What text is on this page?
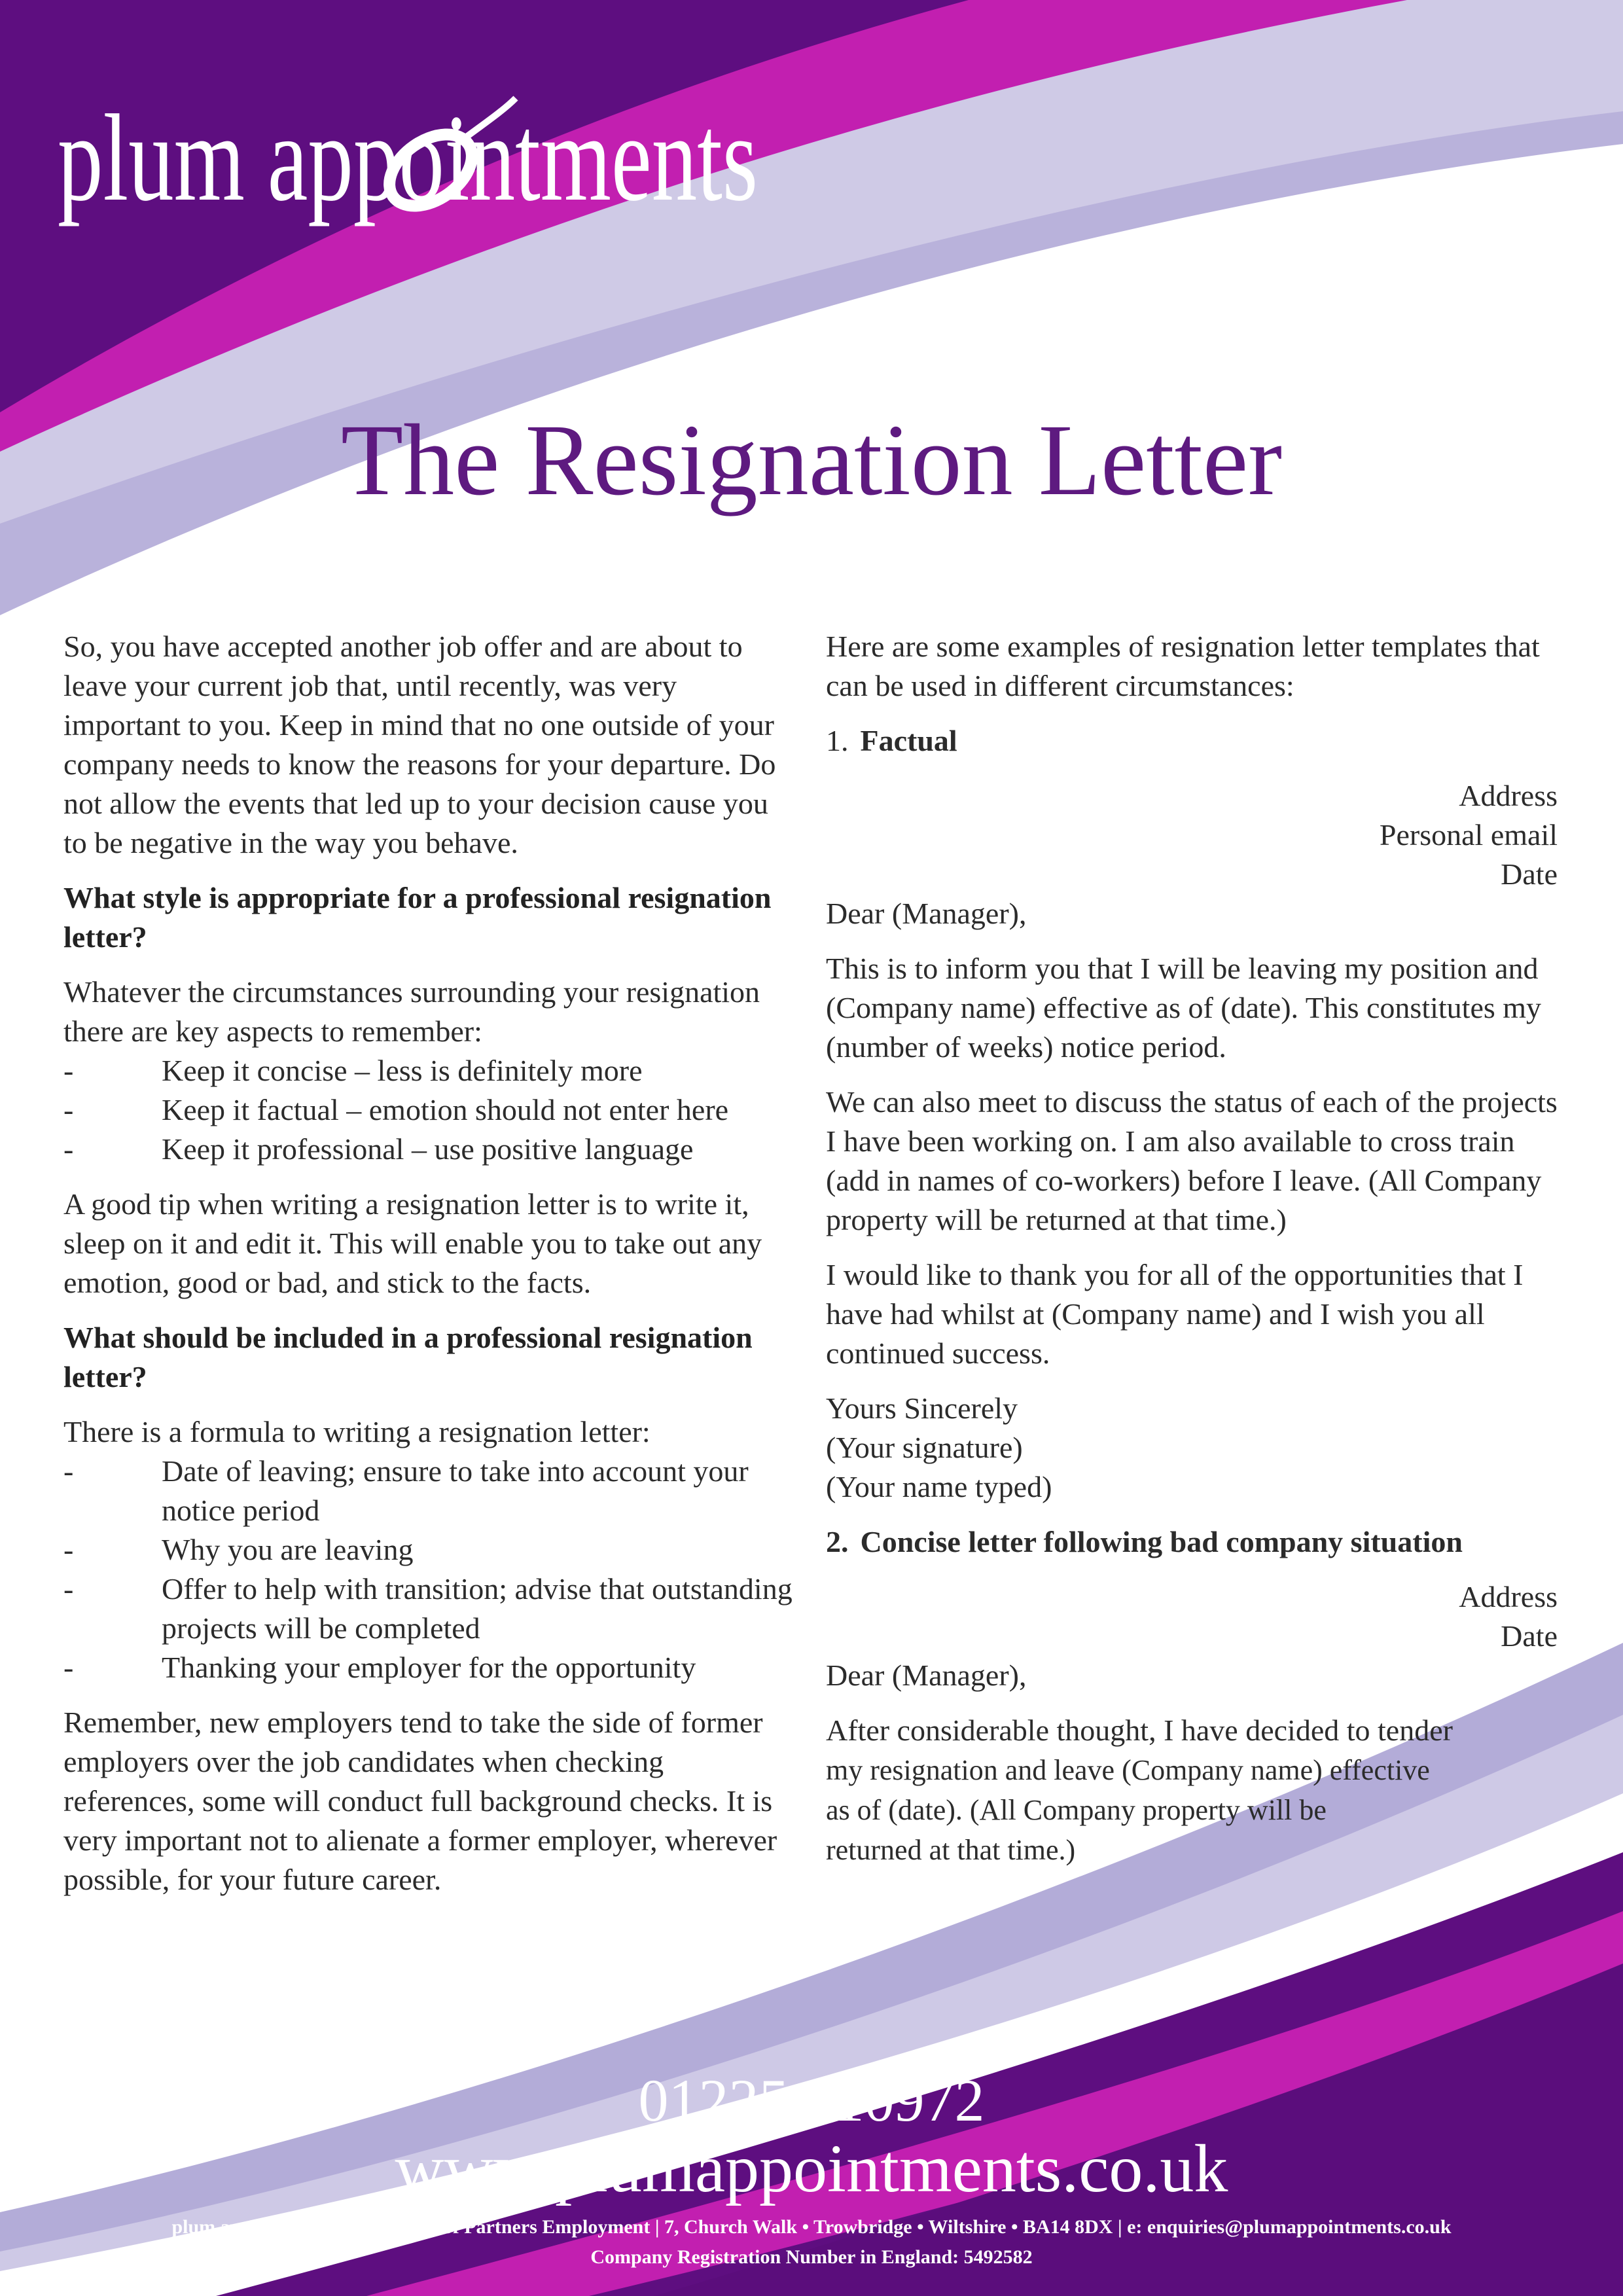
plum appointments
The Resignation Letter

So, you have accepted another job offer and are about to leave your current job that, until recently, was very important to you. Keep in mind that no one outside of your company needs to know the reasons for your departure. Do not allow the events that led up to your decision cause you to be negative in the way you behave.

What style is appropriate for a professional resignation letter?

Whatever the circumstances surrounding your resignation there are key aspects to remember:

-	Keep it concise – less is definitely more
-	Keep it factual – emotion should not enter here
-	Keep it professional – use positive language

A good tip when writing a resignation letter is to write it, sleep on it and edit it. This will enable you to take out any emotion, good or bad, and stick to the facts.

What should be included in a professional resignation letter?

There is a formula to writing a resignation letter:

-	Date of leaving; ensure to take into account your notice period
-	Why you are leaving
-	Offer to help with transition; advise that outstanding projects will be completed
-	Thanking your employer for the opportunity

Remember, new employers tend to take the side of former employers over the job candidates when checking references, some will conduct full background checks. It is very important not to alienate a former employer, wherever possible, for your future career.

Here are some examples of resignation letter templates that can be used in different circumstances:

1. Factual

Address
Personal email
Date

Dear (Manager),

This is to inform you that I will be leaving my position and (Company name) effective as of (date). This constitutes my (number of weeks) notice period.

We can also meet to discuss the status of each of the projects I have been working on. I am also available to cross train (add in names of co-workers) before I leave. (All Company property will be returned at that time.)

I would like to thank you for all of the opportunities that I have had whilst at (Company name) and I wish you all continued success.

Yours Sincerely
(Your signature)
(Your name typed)

2. Concise letter following bad company situation

Address
Date

Dear (Manager),

After considerable thought, I have decided to tender
my resignation and leave (Company name) effective
as of (date). (All Company property will be
returned at that time.)

01225 710972
www.plumappointments.co.uk
plum appointments is a division of Partners Employment | 7, Church Walk • Trowbridge • Wiltshire • BA14 8DX | e: enquiries@plumappointments.co.uk
Company Registration Number in England: 5492582
